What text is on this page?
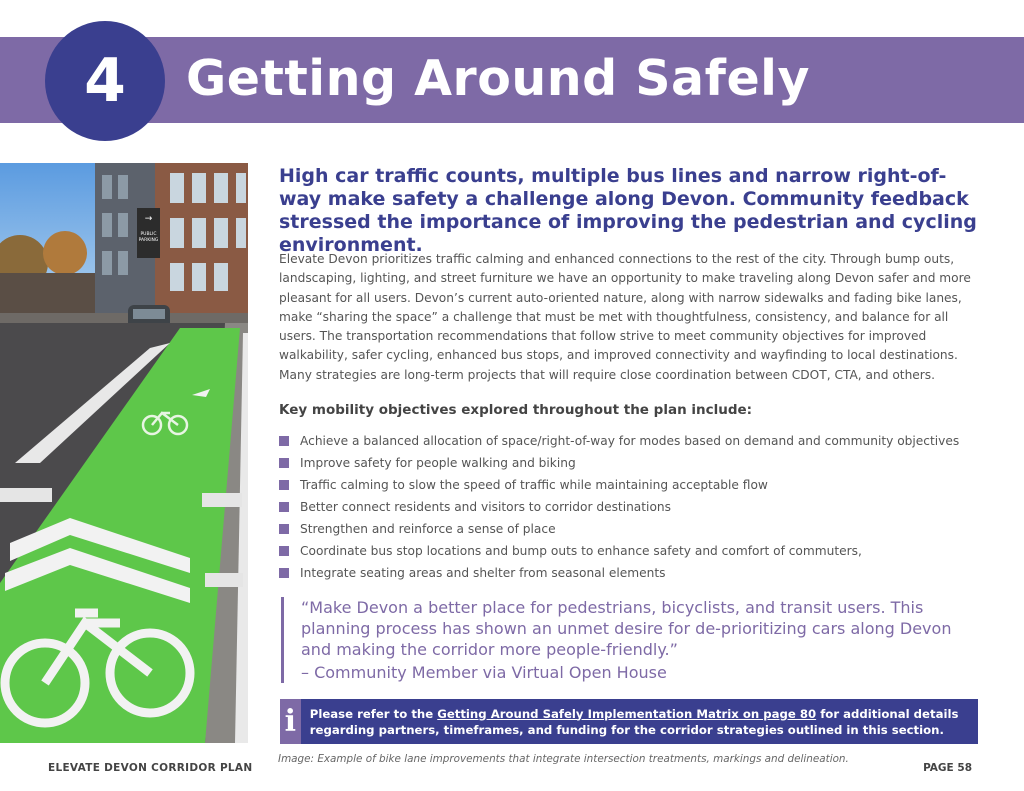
4 Getting Around Safely
→
PUBLIC
PARKING

High car traffic counts, multiple bus lines and narrow right-of-way make safety a challenge along Devon. Community feedback stressed the importance of improving the pedestrian and cycling environment.

Elevate Devon prioritizes traffic calming and enhanced connections to the rest of the city. Through bump outs, landscaping, lighting, and street furniture we have an opportunity to make traveling along Devon safer and more pleasant for all users. Devon’s current auto-oriented nature, along with narrow sidewalks and fading bike lanes, make “sharing the space” a challenge that must be met with thoughtfulness, consistency, and balance for all users. The transportation recommendations that follow strive to meet community objectives for improved walkability, safer cycling, enhanced bus stops, and improved connectivity and wayfinding to local destinations. Many strategies are long-term projects that will require close coordination between CDOT, CTA, and others.

Key mobility objectives explored throughout the plan include:
Achieve a balanced allocation of space/right-of-way for modes based on demand and community objectives
Improve safety for people walking and biking
Traffic calming to slow the speed of traffic while maintaining acceptable flow
Better connect residents and visitors to corridor destinations
Strengthen and reinforce a sense of place
Coordinate bus stop locations and bump outs to enhance safety and comfort of commuters,
Integrate seating areas and shelter from seasonal elements
“Make Devon a better place for pedestrians, bicyclists, and transit users. This planning process has shown an unmet desire for de-prioritizing cars along Devon and making the corridor more people-friendly.”
– Community Member via Virtual Open House
i	Please refer to the Getting Around Safely Implementation Matrix on page 80 for additional details regarding partners, timeframes, and funding for the corridor strategies outlined in this section.

Image: Example of bike lane improvements that integrate intersection treatments, markings and delineation.

ELEVATE DEVON CORRIDOR PLAN	PAGE 58
